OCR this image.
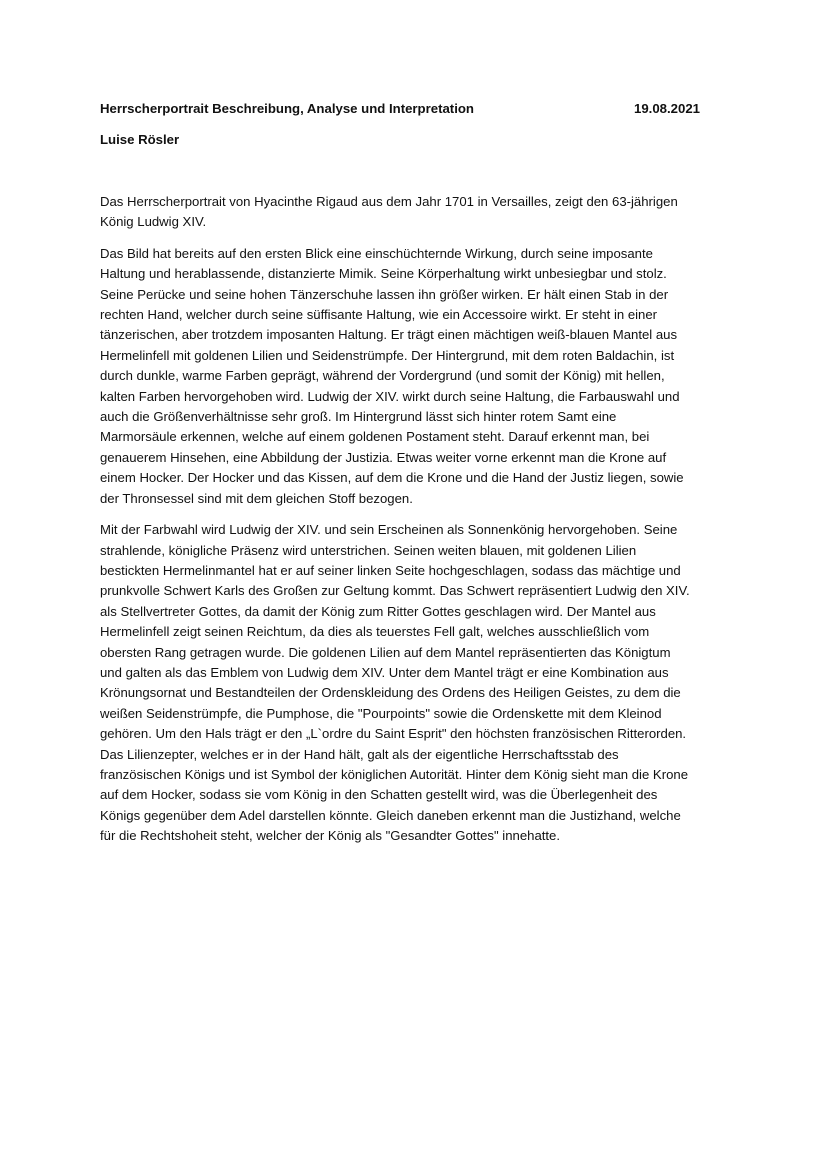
Herrscherportrait Beschreibung, Analyse und Interpretation	19.08.2021
Luise Rösler

Das Herrscherportrait von Hyacinthe Rigaud aus dem Jahr 1701 in Versailles, zeigt den 63-jährigen
König Ludwig XIV.

Das Bild hat bereits auf den ersten Blick eine einschüchternde Wirkung, durch seine imposante
Haltung und herablassende, distanzierte Mimik. Seine Körperhaltung wirkt unbesiegbar und stolz.
Seine Perücke und seine hohen Tänzerschuhe lassen ihn größer wirken. Er hält einen Stab in der
rechten Hand, welcher durch seine süffisante Haltung, wie ein Accessoire wirkt. Er steht in einer
tänzerischen, aber trotzdem imposanten Haltung. Er trägt einen mächtigen weiß-blauen Mantel aus
Hermelinfell mit goldenen Lilien und Seidenstrümpfe. Der Hintergrund, mit dem roten Baldachin, ist
durch dunkle, warme Farben geprägt, während der Vordergrund (und somit der König) mit hellen,
kalten Farben hervorgehoben wird. Ludwig der XIV. wirkt durch seine Haltung, die Farbauswahl und
auch die Größenverhältnisse sehr groß. Im Hintergrund lässt sich hinter rotem Samt eine
Marmorsäule erkennen, welche auf einem goldenen Postament steht. Darauf erkennt man, bei
genauerem Hinsehen, eine Abbildung der Justizia. Etwas weiter vorne erkennt man die Krone auf
einem Hocker. Der Hocker und das Kissen, auf dem die Krone und die Hand der Justiz liegen, sowie
der Thronsessel sind mit dem gleichen Stoff bezogen.

Mit der Farbwahl wird Ludwig der XIV. und sein Erscheinen als Sonnenkönig hervorgehoben. Seine
strahlende, königliche Präsenz wird unterstrichen. Seinen weiten blauen, mit goldenen Lilien
bestickten Hermelinmantel hat er auf seiner linken Seite hochgeschlagen, sodass das mächtige und
prunkvolle Schwert Karls des Großen zur Geltung kommt. Das Schwert repräsentiert Ludwig den XIV.
als Stellvertreter Gottes, da damit der König zum Ritter Gottes geschlagen wird. Der Mantel aus
Hermelinfell zeigt seinen Reichtum, da dies als teuerstes Fell galt, welches ausschließlich vom
obersten Rang getragen wurde. Die goldenen Lilien auf dem Mantel repräsentierten das Königtum
und galten als das Emblem von Ludwig dem XIV. Unter dem Mantel trägt er eine Kombination aus
Krönungsornat und Bestandteilen der Ordenskleidung des Ordens des Heiligen Geistes, zu dem die
weißen Seidenstrümpfe, die Pumphose, die "Pourpoints" sowie die Ordenskette mit dem Kleinod
gehören. Um den Hals trägt er den „L`ordre du Saint Esprit" den höchsten französischen Ritterorden.
Das Lilienzepter, welches er in der Hand hält, galt als der eigentliche Herrschaftsstab des
französischen Königs und ist Symbol der königlichen Autorität. Hinter dem König sieht man die Krone
auf dem Hocker, sodass sie vom König in den Schatten gestellt wird, was die Überlegenheit des
Königs gegenüber dem Adel darstellen könnte. Gleich daneben erkennt man die Justizhand, welche
für die Rechtshoheit steht, welcher der König als "Gesandter Gottes" innehatte.
